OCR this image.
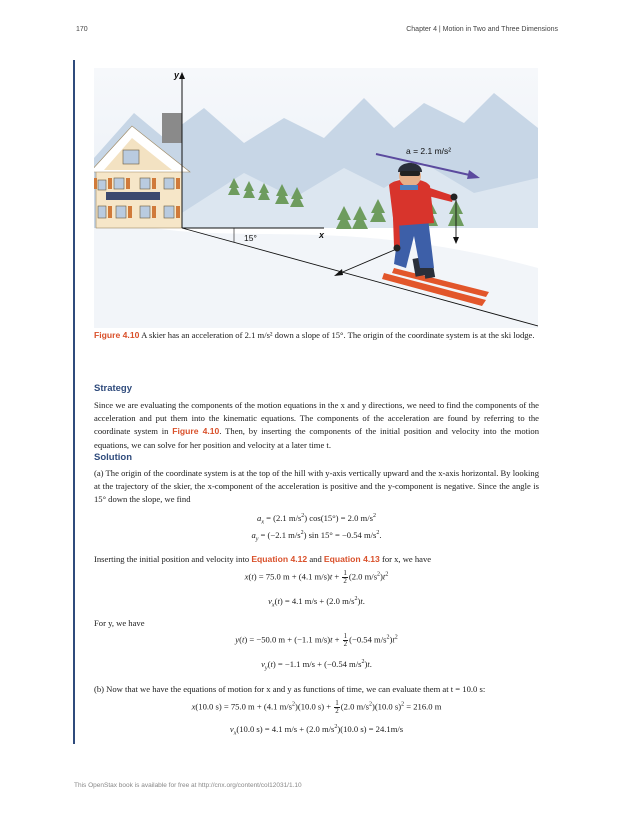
170	Chapter 4 | Motion in Two and Three Dimensions
y
x
15°
a = 2.1 m/s²
Figure 4.10 A skier has an acceleration of 2.1 m/s² down a slope of 15°. The origin of the coordinate system is at the ski lodge.
Strategy
Since we are evaluating the components of the motion equations in the x and y directions, we need to find the components of the acceleration and put them into the kinematic equations. The components of the acceleration are found by referring to the coordinate system in Figure 4.10. Then, by inserting the components of the initial position and velocity into the motion equations, we can solve for her position and velocity at a later time t.
Solution
(a) The origin of the coordinate system is at the top of the hill with y-axis vertically upward and the x-axis horizontal. By looking at the trajectory of the skier, the x-component of the acceleration is positive and the y-component is negative. Since the angle is 15° down the slope, we find
$a_x = (2.1$ $m/s^2$) cos(15°) = 2.0 $m/s^2$
$a_y = (-2.1$ $m/s^2$) sin 15° = −0.54 $m/s^2$.
Inserting the initial position and velocity into Equation 4.12 and Equation 4.13 for x, we have
x(t) = 75.0 m + (4.1 $m/s)t + \frac{1}{2} (2.0$ $m/s^2)t^2$
$v_x(t) = 4.1$ m/s + (2.0 $m/s^2)t$.
For y, we have
y(t) = −50.0 m + (−1.1 $m/s)t + \frac{1}{2} (-0.54$ $m/s^2)t^2$
$v_y(t) = -1.1$ m/s + (−0.54 $m/s^2)t$.
(b) Now that we have the equations of motion for x and y as functions of time, we can evaluate them at t = 10.0 s:
x(10.0 s) = 75.0 m + (4.1 $m/s^2)(10.0$ $s) + \frac{1}{2} (2.0$ $m/s^2)(10.0$ s)$^2$ = 216.0 m
$v_x(10.0$ s) = 4.1 m/s + (2.0 $m/s^2)(10.0$ s) = 24.1m/s
This OpenStax book is available for free at http://cnx.org/content/col12031/1.10
